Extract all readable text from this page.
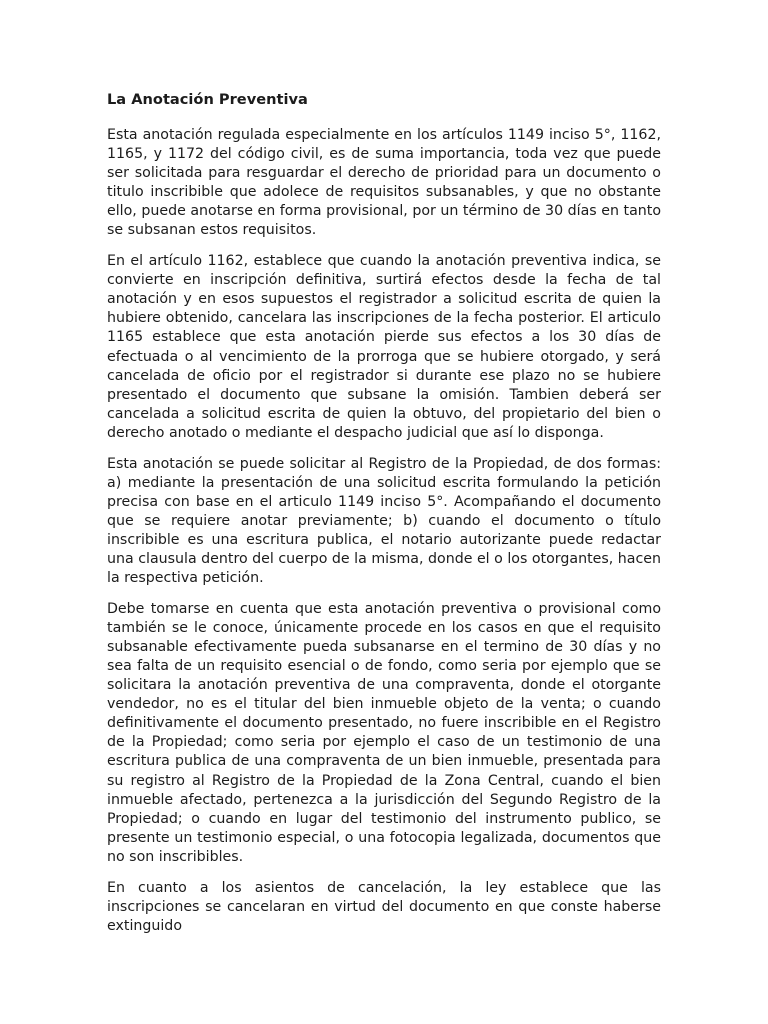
La Anotación Preventiva

Esta anotación regulada especialmente en los artículos 1149 inciso 5°, 1162, 1165, y 1172 del código civil, es de suma importancia, toda vez que puede ser solicitada para resguardar el derecho de prioridad para un documento o titulo inscribible que adolece de requisitos subsanables, y que no obstante ello, puede anotarse en forma provisional, por un término de 30 días en tanto se subsanan estos requisitos.

En el artículo 1162, establece que cuando la anotación preventiva indica, se convierte en inscripción definitiva, surtirá efectos desde la fecha de tal anotación y en esos supuestos el registrador a solicitud escrita de quien la hubiere obtenido, cancelara las inscripciones de la fecha posterior. El articulo 1165 establece que esta anotación pierde sus efectos a los 30 días de efectuada o al vencimiento de la prorroga que se hubiere otorgado, y será cancelada de oficio por el registrador si durante ese plazo no se hubiere presentado el documento que subsane la omisión. Tambien deberá ser cancelada a solicitud escrita de quien la obtuvo, del propietario del bien o derecho anotado o mediante el despacho judicial que así lo disponga.

Esta anotación se puede solicitar al Registro de la Propiedad, de dos formas: a) mediante la presentación de una solicitud escrita formulando la petición precisa con base en el articulo 1149 inciso 5°. Acompañando el documento que se requiere anotar previamente; b) cuando el documento o título inscribible es una escritura publica, el notario autorizante puede redactar una clausula dentro del cuerpo de la misma, donde el o los otorgantes, hacen la respectiva petición.

Debe tomarse en cuenta que esta anotación preventiva o provisional como también se le conoce, únicamente procede en los casos en que el requisito subsanable efectivamente pueda subsanarse en el termino de 30 días y no sea falta de un requisito esencial o de fondo, como seria por ejemplo que se solicitara la anotación preventiva de una compraventa, donde el otorgante vendedor, no es el titular del bien inmueble objeto de la venta; o cuando definitivamente el documento presentado, no fuere inscribible en el Registro de la Propiedad; como seria por ejemplo el caso de un testimonio de una escritura publica de una compraventa de un bien inmueble, presentada para su registro al Registro de la Propiedad de la Zona Central, cuando el bien inmueble afectado, pertenezca a la jurisdicción del Segundo Registro de la Propiedad; o cuando en lugar del testimonio del instrumento publico, se presente un testimonio especial, o una fotocopia legalizada, documentos que no son inscribibles.

En cuanto a los asientos de cancelación, la ley establece que las inscripciones se cancelaran en virtud del documento en que conste haberse extinguido
